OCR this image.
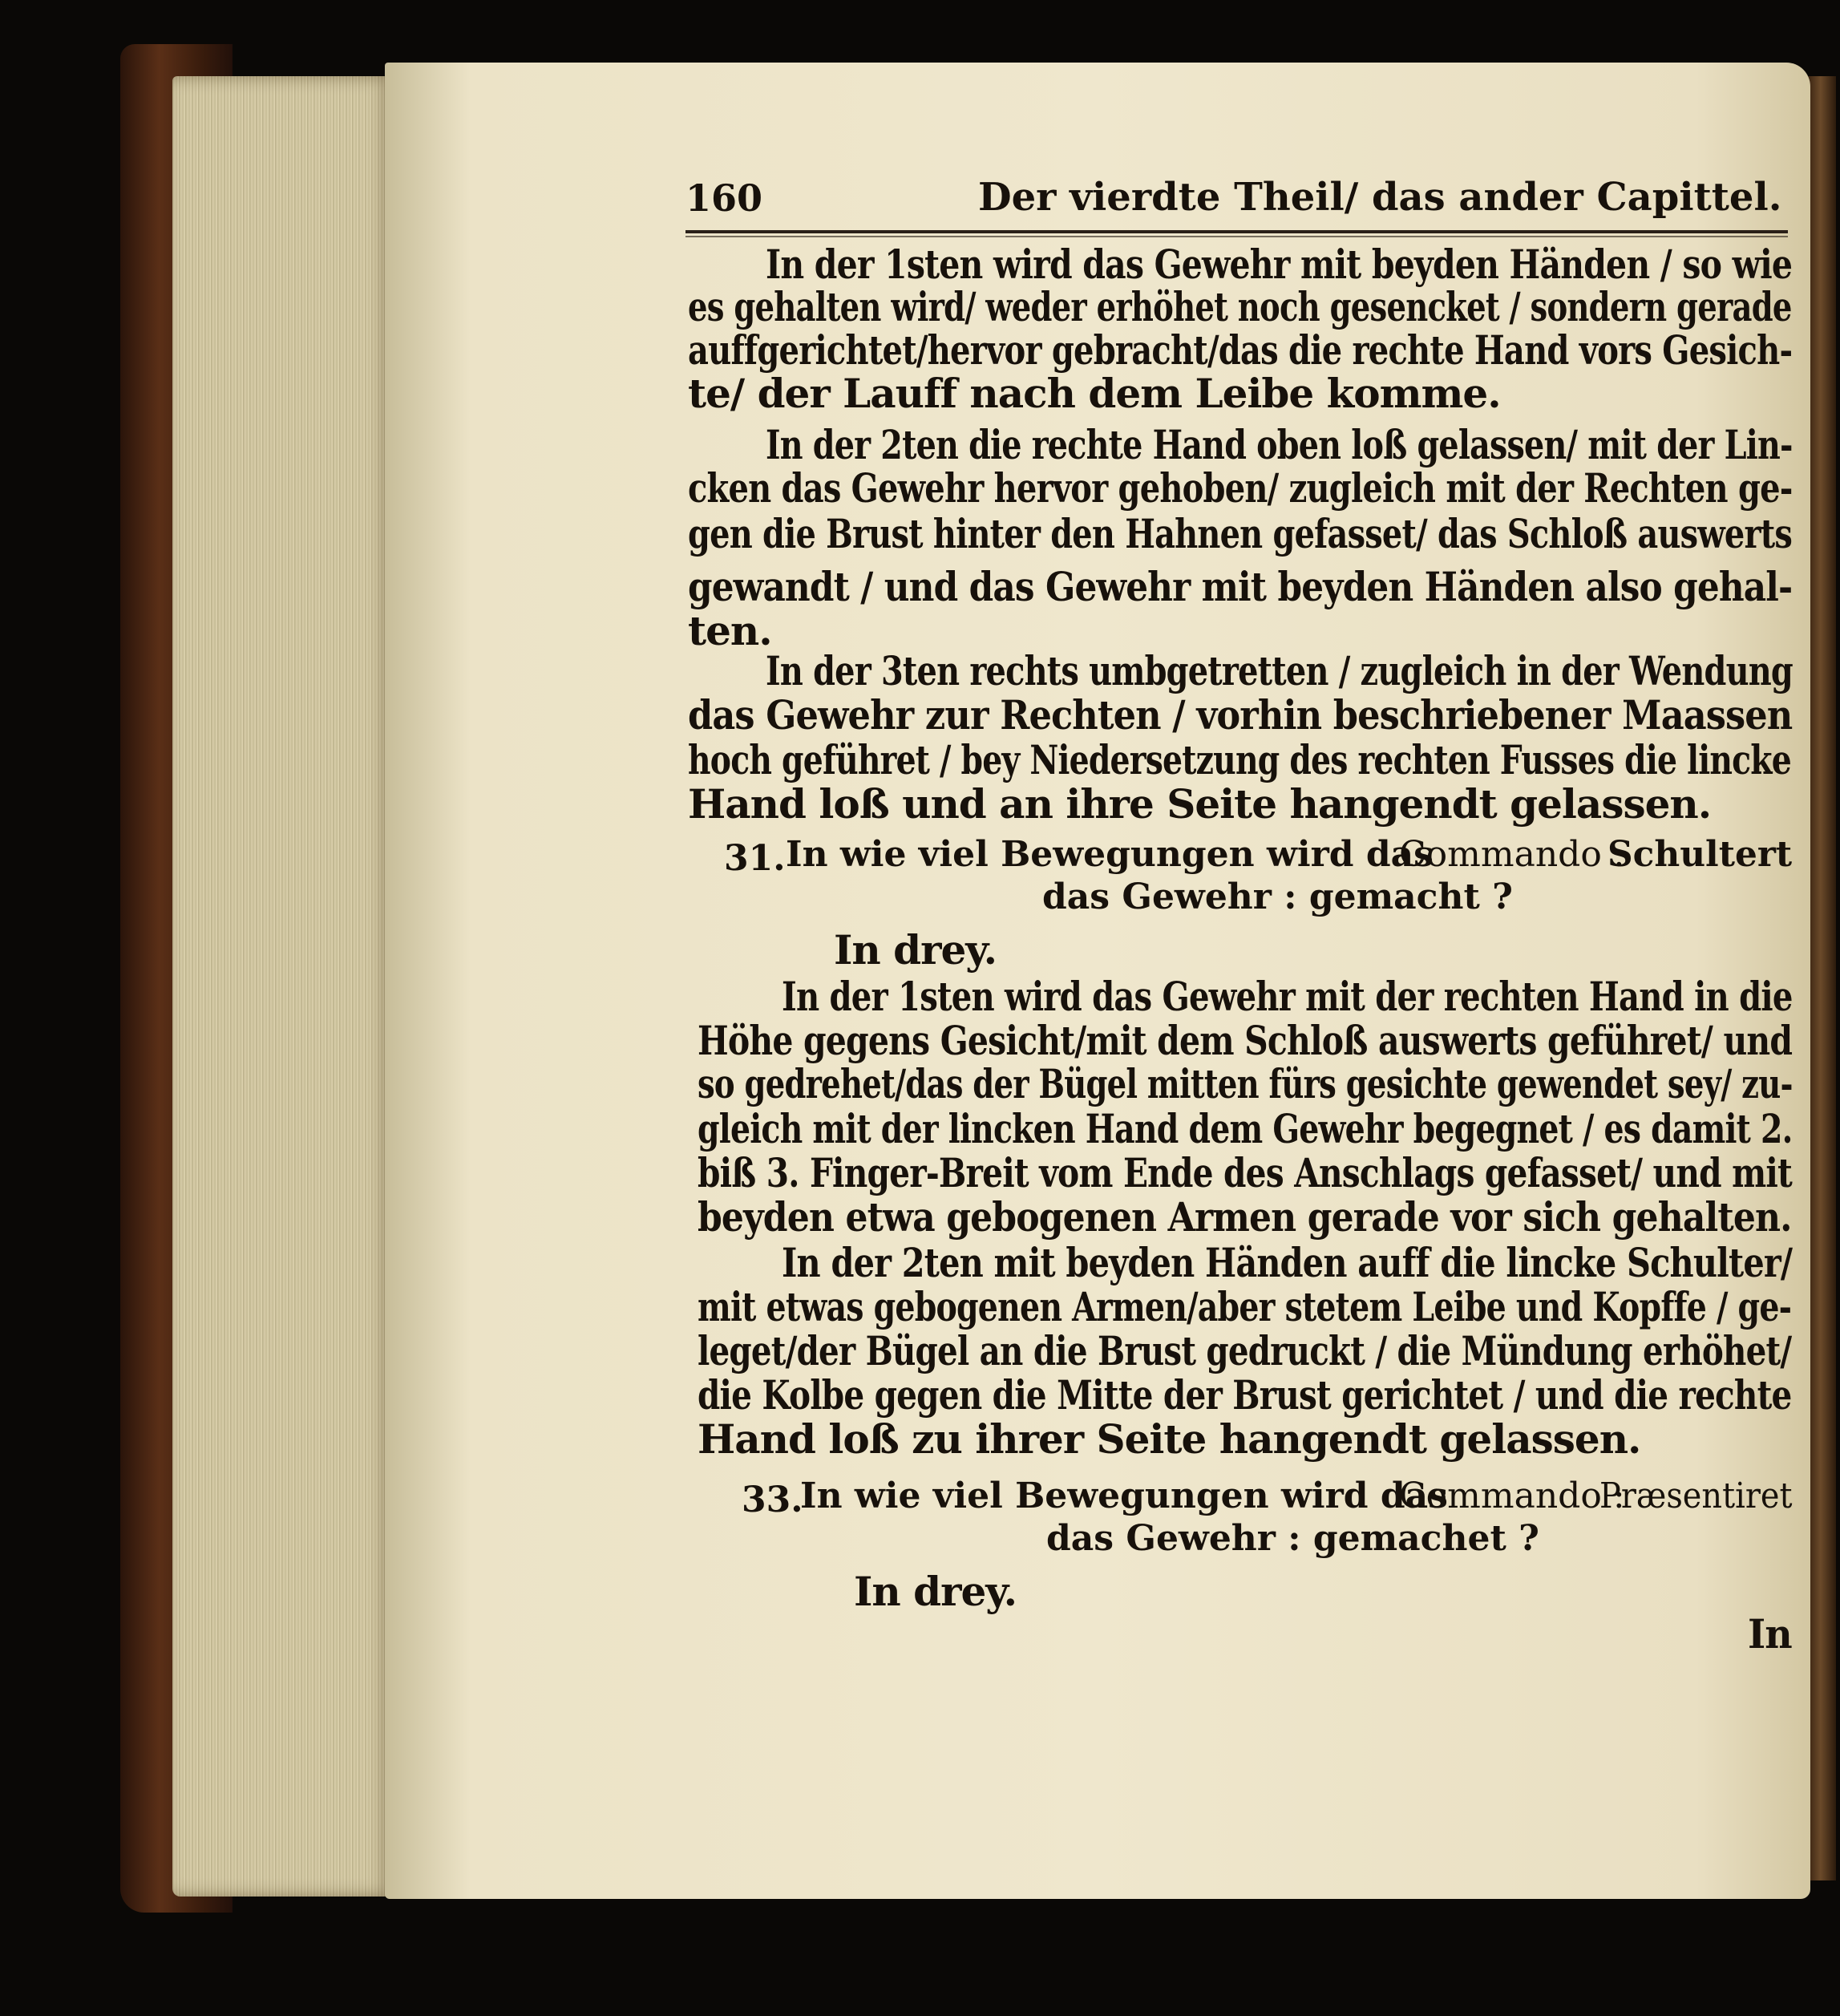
160	Der vierdte Theil/ das ander Capittel.
In der 1sten wird das Gewehr mit beyden Händen / so wie
es gehalten wird/ weder erhöhet noch gesencket / sondern gerade
auffgerichtet/hervor gebracht/das die rechte Hand vors Gesich-
te/ der Lauff nach dem Leibe komme.
In der 2ten die rechte Hand oben loß gelassen/ mit der Lin-
cken das Gewehr hervor gehoben/ zugleich mit der Rechten ge-
gen die Brust hinter den Hahnen gefasset/ das Schloß auswerts
gewandt / und das Gewehr mit beyden Händen also gehal-
ten.
In der 3ten rechts umbgetretten / zugleich in der Wendung
das Gewehr zur Rechten / vorhin beschriebener Maassen
hoch geführet / bey Niedersetzung des rechten Fusses die lincke
Hand loß und an ihre Seite hangendt gelassen.
31. In wie viel Bewegungen wird das
Commando :
Schultert
das Gewehr : gemacht ?
In drey.
In der 1sten wird das Gewehr mit der rechten Hand in die
Höhe gegens Gesicht/mit dem Schloß auswerts geführet/ und
so gedrehet/das der Bügel mitten fürs gesichte gewendet sey/ zu-
gleich mit der lincken Hand dem Gewehr begegnet / es damit 2.
biß 3. Finger-Breit vom Ende des Anschlags gefasset/ und mit
beyden etwa gebogenen Armen gerade vor sich gehalten.
In der 2ten mit beyden Händen auff die lincke Schulter/
mit etwas gebogenen Armen/aber stetem Leibe und Kopffe / ge-
leget/der Bügel an die Brust gedruckt / die Mündung erhöhet/
die Kolbe gegen die Mitte der Brust gerichtet / und die rechte
Hand loß zu ihrer Seite hangendt gelassen.
33.
In wie viel Bewegungen wird das
Commando :
Præsentiret
das Gewehr : gemachet ?
In drey.
In
